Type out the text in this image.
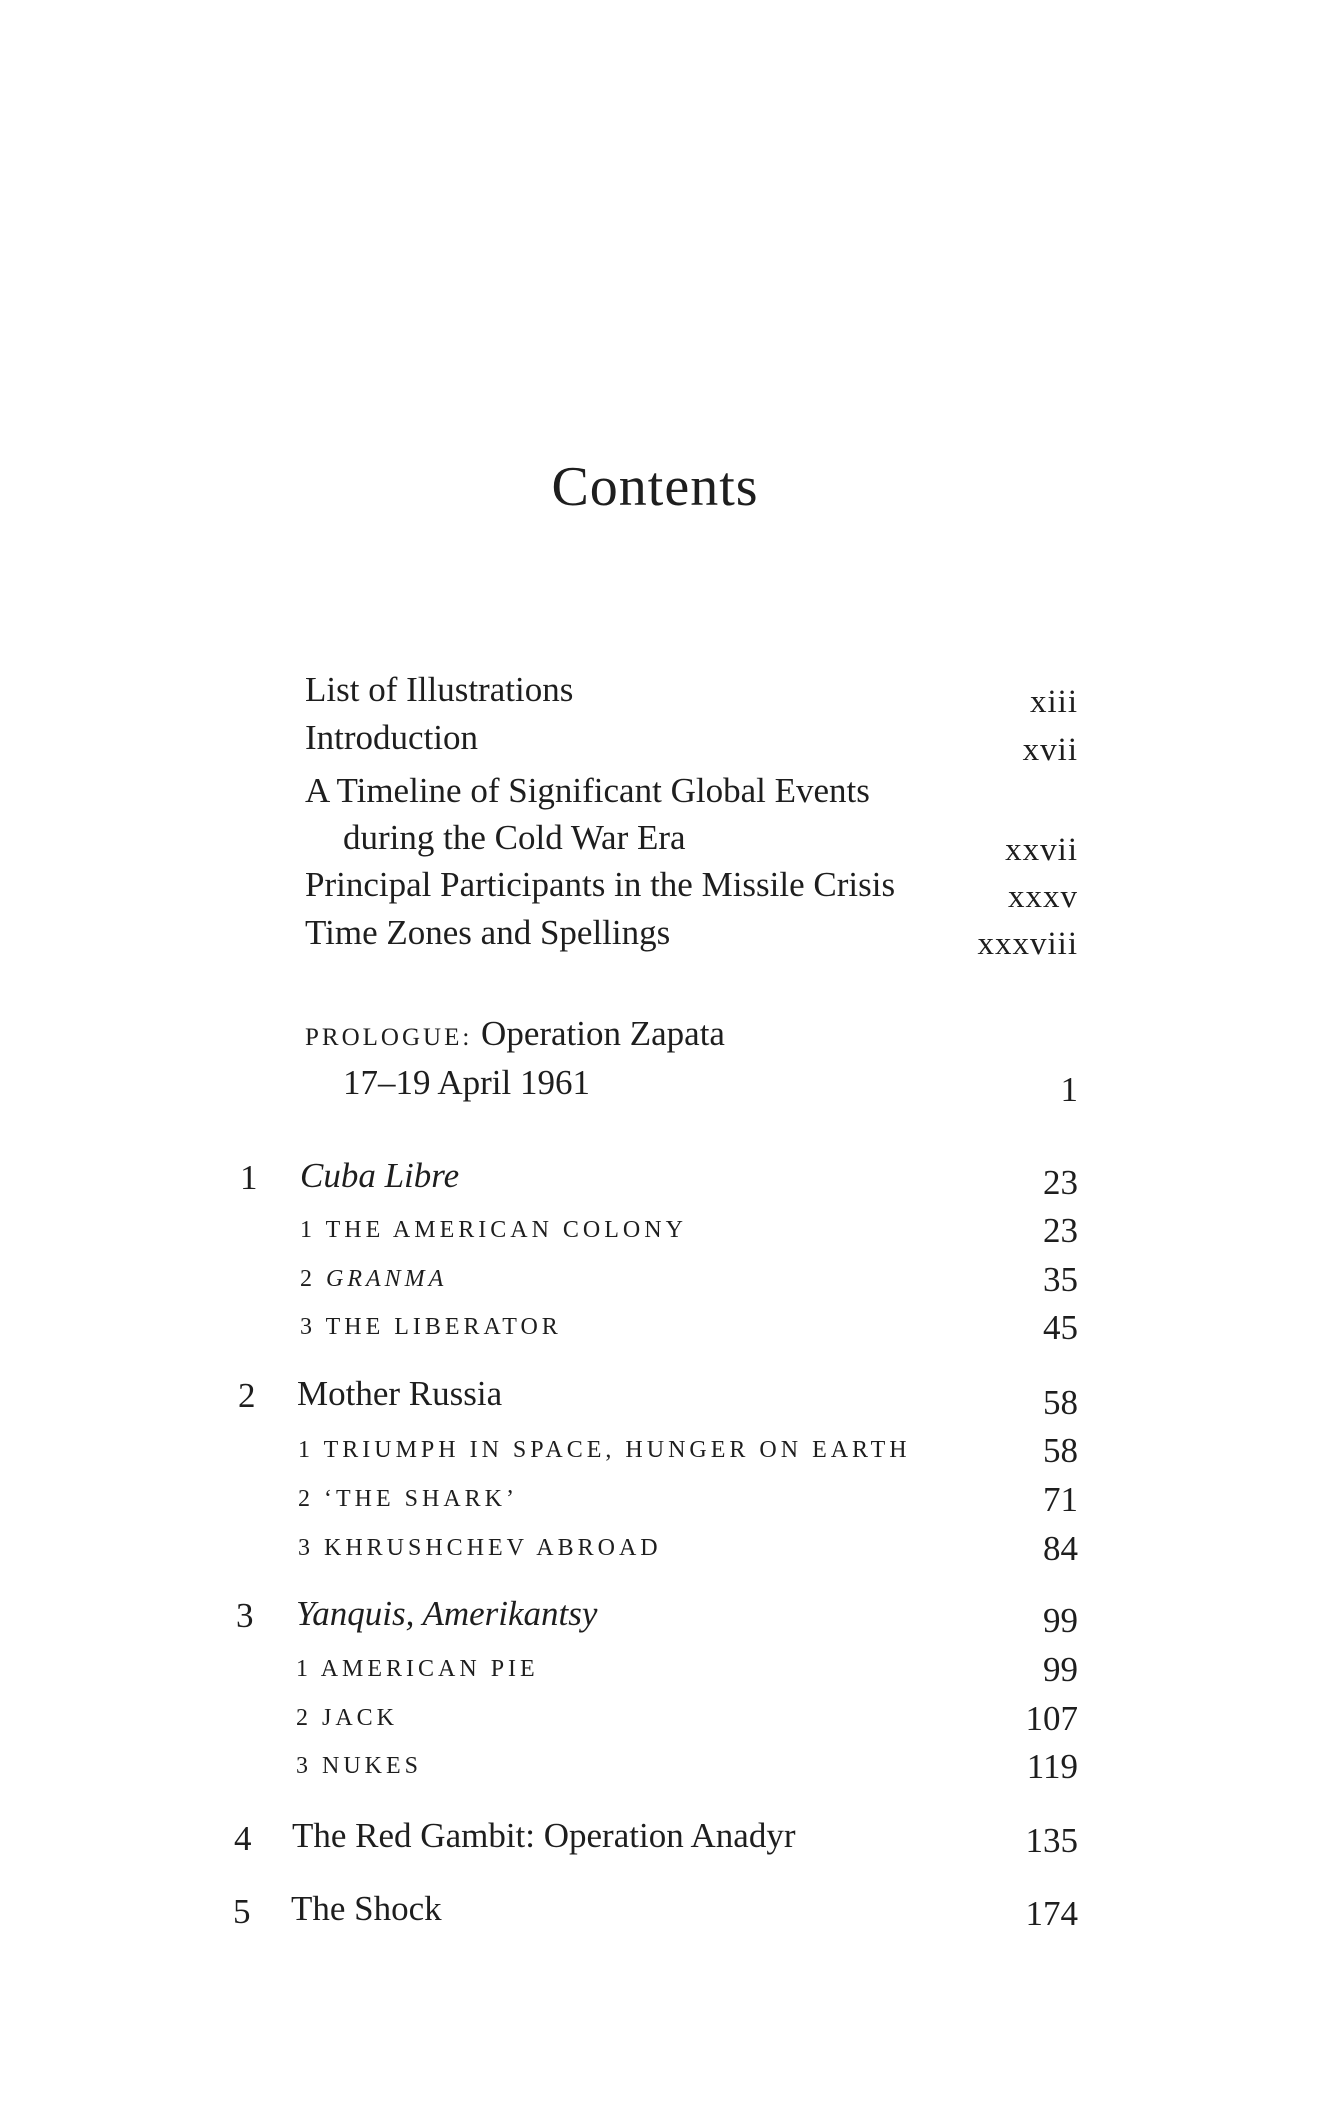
Contents
List of Illustrations	xiii
Introduction	xvii
A Timeline of Significant Global Events
during the Cold War Era	xxvii
Principal Participants in the Missile Crisis	xxxv
Time Zones and Spellings	xxxviii
PROLOGUE: Operation Zapata
17–19 April 1961	1
1 Cuba Libre	23
1 THE AMERICAN COLONY	23
2 GRANMA	35
3 THE LIBERATOR	45
2 Mother Russia	58
1 TRIUMPH IN SPACE, HUNGER ON EARTH	58
2 ‘THE SHARK’	71
3 KHRUSHCHEV ABROAD	84
3 Yanquis, Amerikantsy	99
1 AMERICAN PIE	99
2 JACK	107
3 NUKES	119
4 The Red Gambit: Operation Anadyr	135
5 The Shock	174
